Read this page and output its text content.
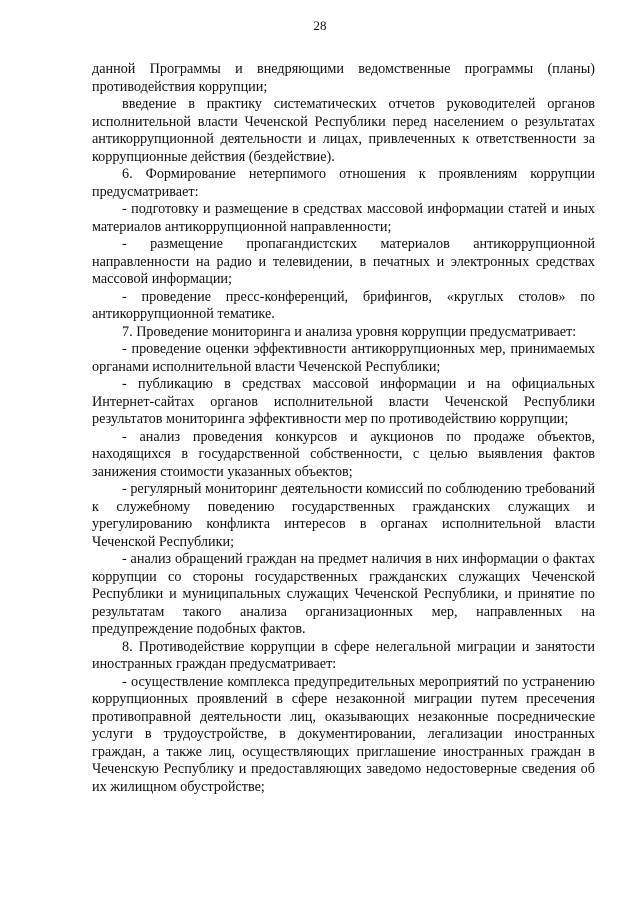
28

данной Программы и внедряющими ведомственные программы (планы) противодействия коррупции;

введение в практику систематических отчетов руководителей органов исполнительной власти Чеченской Республики перед населением о результатах антикоррупционной деятельности и лицах, привлеченных к ответственности за коррупционные действия (бездействие).

6. Формирование нетерпимого отношения к проявлениям коррупции предусматривает:

- подготовку и размещение в средствах массовой информации статей и иных материалов антикоррупционной направленности;

- размещение пропагандистских материалов антикоррупционной направленности на радио и телевидении, в печатных и электронных средствах массовой информации;

- проведение пресс-конференций, брифингов, «круглых столов» по антикоррупционной тематике.

7. Проведение мониторинга и анализа уровня коррупции предусматривает:

- проведение оценки эффективности антикоррупционных мер, принимаемых органами исполнительной власти Чеченской Республики;

- публикацию в средствах массовой информации и на официальных Интернет-сайтах органов исполнительной власти Чеченской Республики результатов мониторинга эффективности мер по противодействию коррупции;

- анализ проведения конкурсов и аукционов по продаже объектов, находящихся в государственной собственности, с целью выявления фактов занижения стоимости указанных объектов;

- регулярный мониторинг деятельности комиссий по соблюдению требований к служебному поведению государственных гражданских служащих и урегулированию конфликта интересов в органах исполнительной власти Чеченской Республики;

- анализ обращений граждан на предмет наличия в них информации о фактах коррупции со стороны государственных гражданских служащих Чеченской Республики и муниципальных служащих Чеченской Республики, и принятие по результатам такого анализа организационных мер, направленных на предупреждение подобных фактов.

8. Противодействие коррупции в сфере нелегальной миграции и занятости иностранных граждан предусматривает:

- осуществление комплекса предупредительных мероприятий по устранению коррупционных проявлений в сфере незаконной миграции путем пресечения противоправной деятельности лиц, оказывающих незаконные посреднические услуги в трудоустройстве, в документировании, легализации иностранных граждан, а также лиц, осуществляющих приглашение иностранных граждан в Чеченскую Республику и предоставляющих заведомо недостоверные сведения об их жилищном обустройстве;
